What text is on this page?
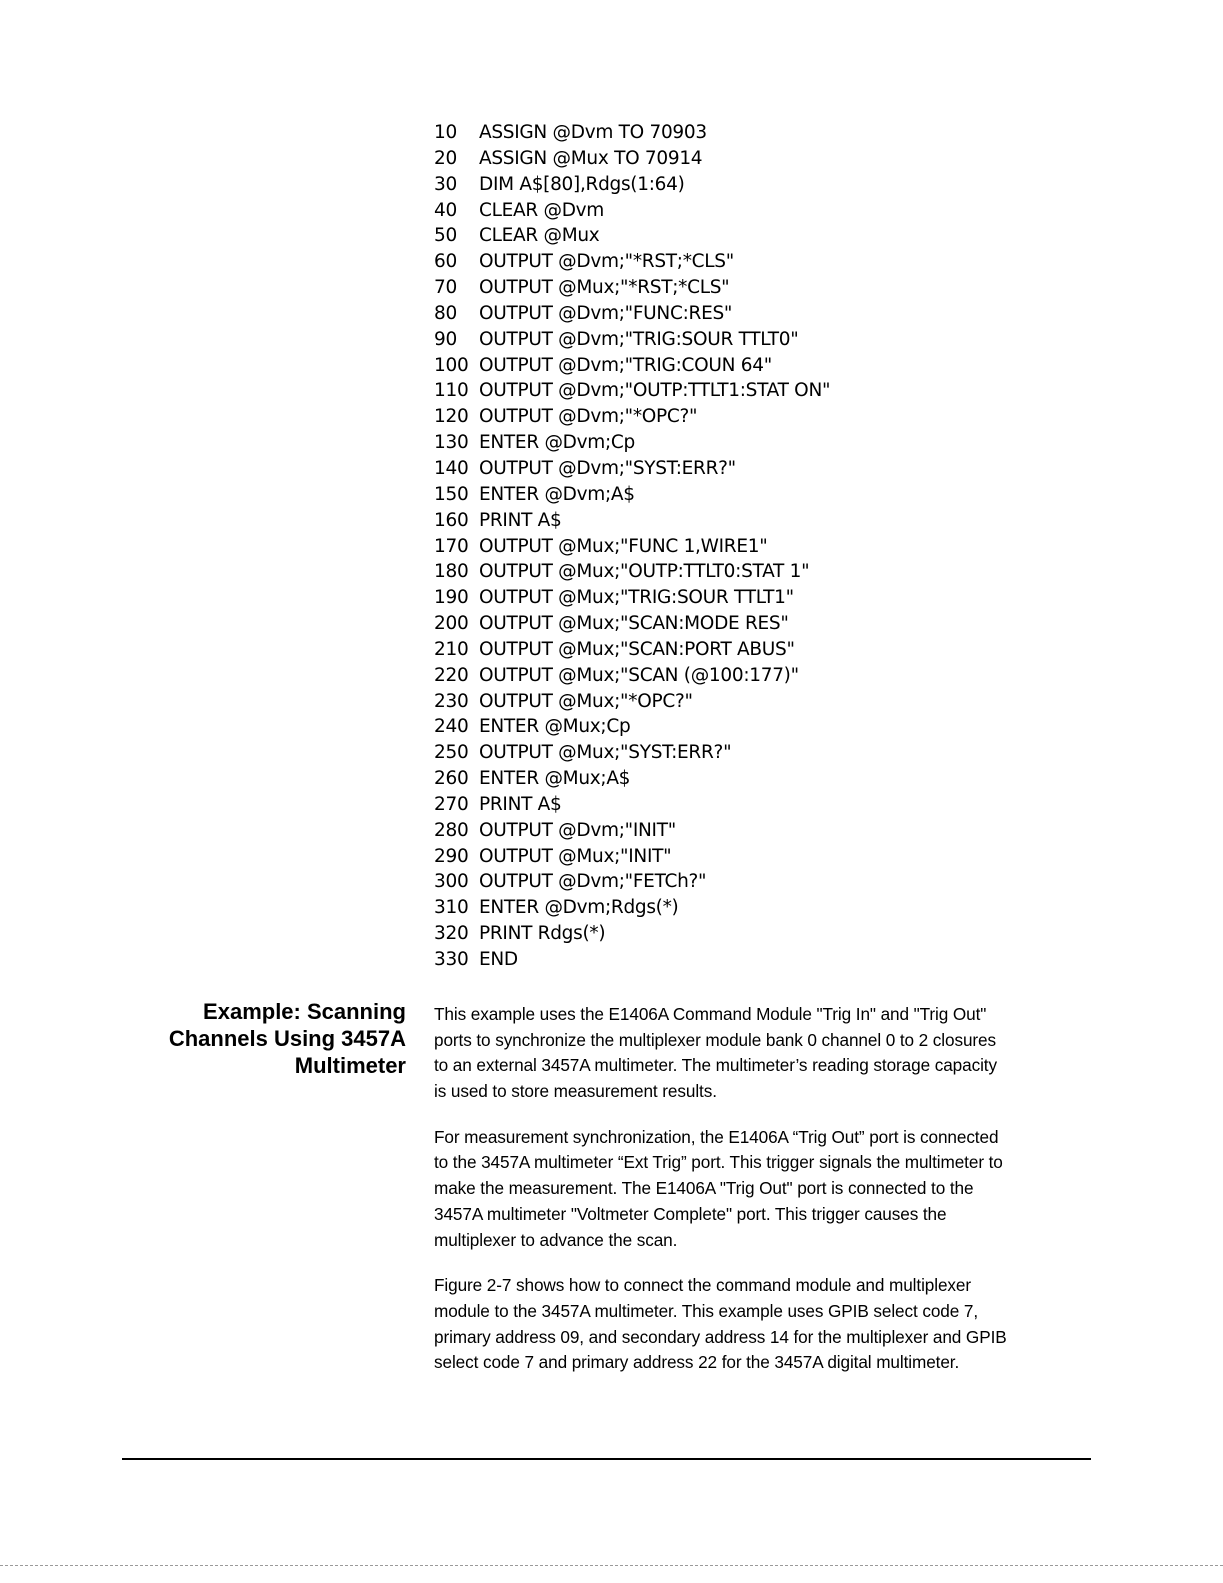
10	ASSIGN @Dvm TO 70903
20	ASSIGN @Mux TO 70914
30	DIM A$[80],Rdgs(1:64)
40	CLEAR @Dvm
50	CLEAR @Mux
60	OUTPUT @Dvm;"*RST;*CLS"
70	OUTPUT @Mux;"*RST;*CLS"
80	OUTPUT @Dvm;"FUNC:RES"
90	OUTPUT @Dvm;"TRIG:SOUR TTLT0"
100 OUTPUT @Dvm;"TRIG:COUN 64"
110 OUTPUT @Dvm;"OUTP:TTLT1:STAT ON"
120 OUTPUT @Dvm;"*OPC?"
130 ENTER @Dvm;Cp
140 OUTPUT @Dvm;"SYST:ERR?"
150 ENTER @Dvm;A$
160 PRINT A$
170 OUTPUT @Mux;"FUNC 1,WIRE1"
180 OUTPUT @Mux;"OUTP:TTLT0:STAT 1"
190 OUTPUT @Mux;"TRIG:SOUR TTLT1"
200 OUTPUT @Mux;"SCAN:MODE RES"
210 OUTPUT @Mux;"SCAN:PORT ABUS"
220 OUTPUT @Mux;"SCAN (@100:177)"
230 OUTPUT @Mux;"*OPC?"
240 ENTER @Mux;Cp
250 OUTPUT @Mux;"SYST:ERR?"
260 ENTER @Mux;A$
270 PRINT A$
280 OUTPUT @Dvm;"INIT"
290 OUTPUT @Mux;"INIT"
300 OUTPUT @Dvm;"FETCh?"
310 ENTER @Dvm;Rdgs(*)
320 PRINT Rdgs(*)
330 END
Example: Scanning
Channels Using 3457A
Multimeter
This example uses the E1406A Command Module "Trig In" and "Trig Out"
ports to synchronize the multiplexer module bank 0 channel 0 to 2 closures
to an external 3457A multimeter. The multimeter’s reading storage capacity
is used to store measurement results.
For measurement synchronization, the E1406A “Trig Out” port is connected
to the 3457A multimeter “Ext Trig” port. This trigger signals the multimeter to
make the measurement. The E1406A "Trig Out" port is connected to the
3457A multimeter "Voltmeter Complete" port. This trigger causes the
multiplexer to advance the scan.
Figure 2-7 shows how to connect the command module and multiplexer
module to the 3457A multimeter. This example uses GPIB select code 7,
primary address 09, and secondary address 14 for the multiplexer and GPIB
select code 7 and primary address 22 for the 3457A digital multimeter.
